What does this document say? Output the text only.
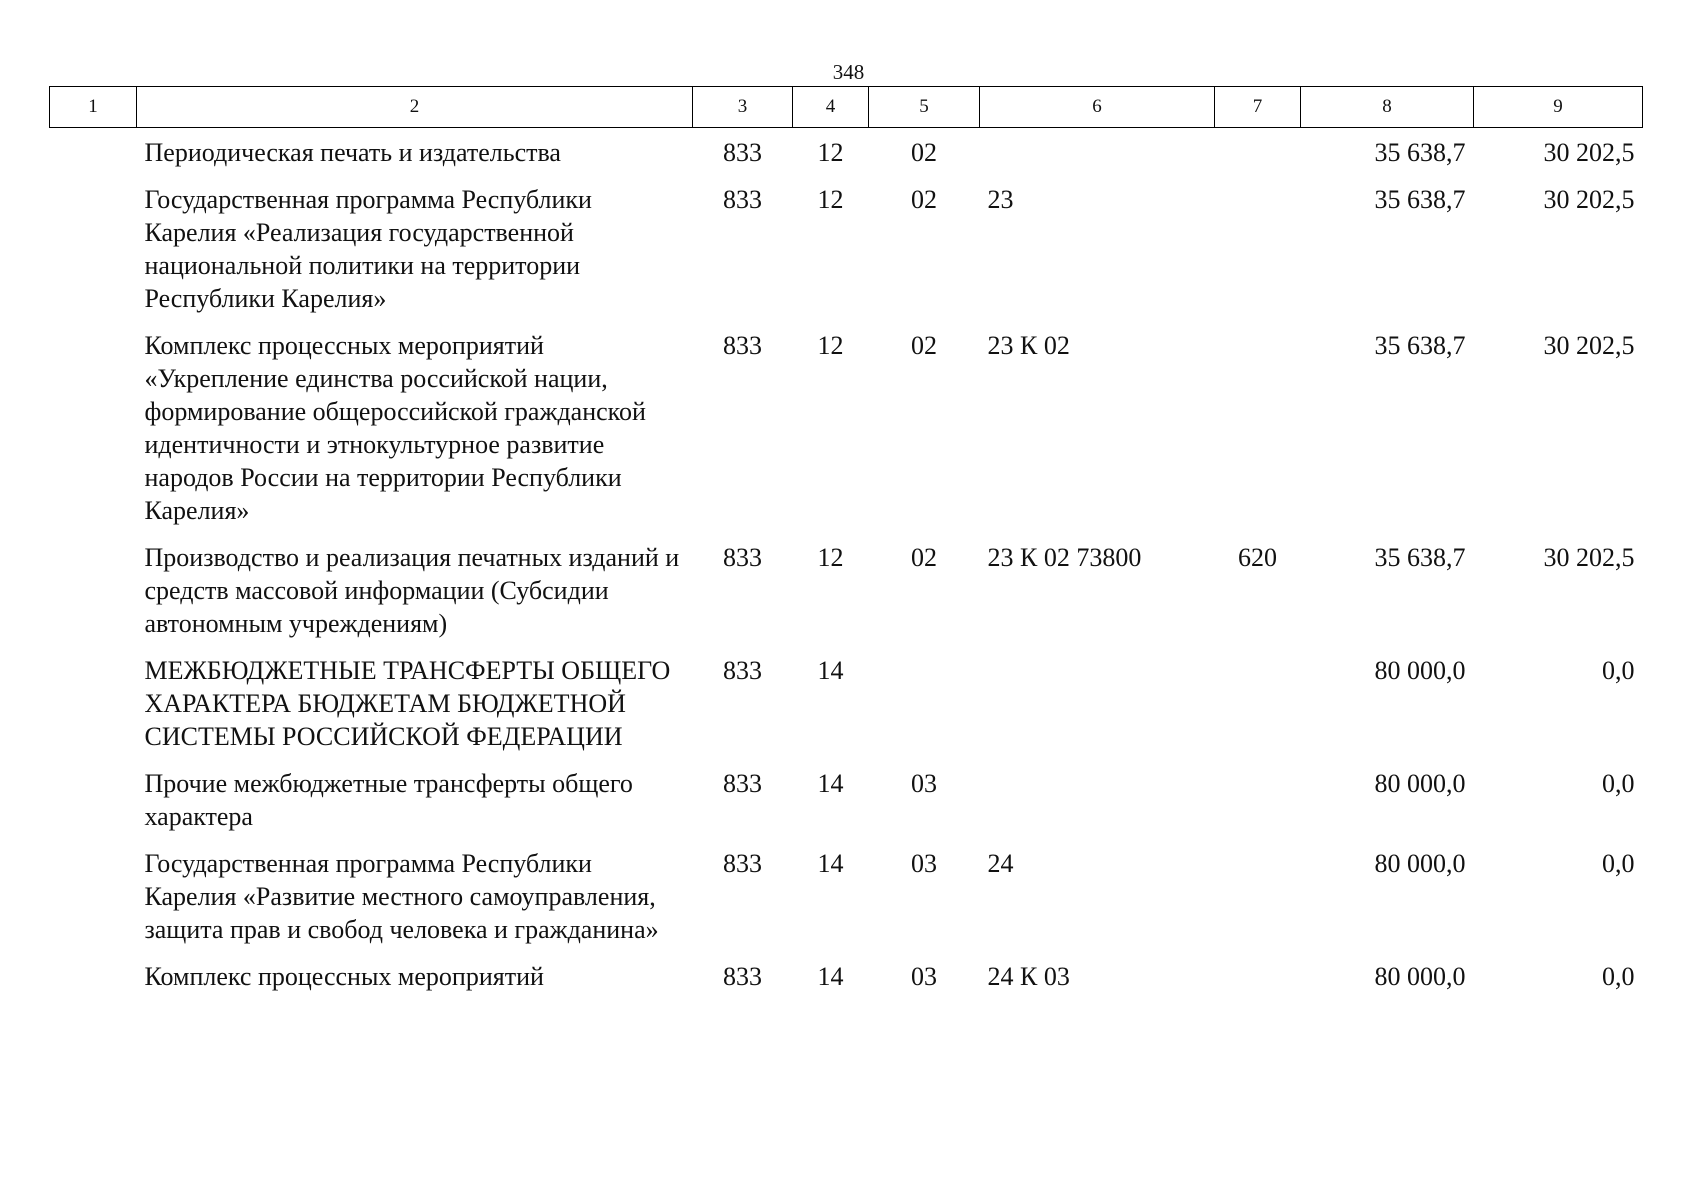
348
1	2	3	4	5	6	7	8	9
	Периодическая печать и издательства	833	12	02			35 638,7	30 202,5
	Государственная программа Республики Карелия «Реализация государственной национальной политики на территории Республики Карелия»	833	12	02	23		35 638,7	30 202,5
	Комплекс процессных мероприятий «Укрепление единства российской нации, формирование общероссийской гражданской идентичности и этнокультурное развитие народов России на территории Республики Карелия»	833	12	02	23 К 02		35 638,7	30 202,5
	Производство и реализация печатных изданий и средств массовой информации (Субсидии автономным учреждениям)	833	12	02	23 К 02 73800	620	35 638,7	30 202,5
	МЕЖБЮДЖЕТНЫЕ ТРАНСФЕРТЫ ОБЩЕГО ХАРАКТЕРА БЮДЖЕТАМ БЮДЖЕТНОЙ СИСТЕМЫ РОССИЙСКОЙ ФЕДЕРАЦИИ	833	14				80 000,0	0,0
	Прочие межбюджетные трансферты общего характера	833	14	03			80 000,0	0,0
	Государственная программа Республики Карелия «Развитие местного самоуправления, защита прав и свобод человека и гражданина»	833	14	03	24		80 000,0	0,0
	Комплекс процессных мероприятий	833	14	03	24 К 03		80 000,0	0,0
